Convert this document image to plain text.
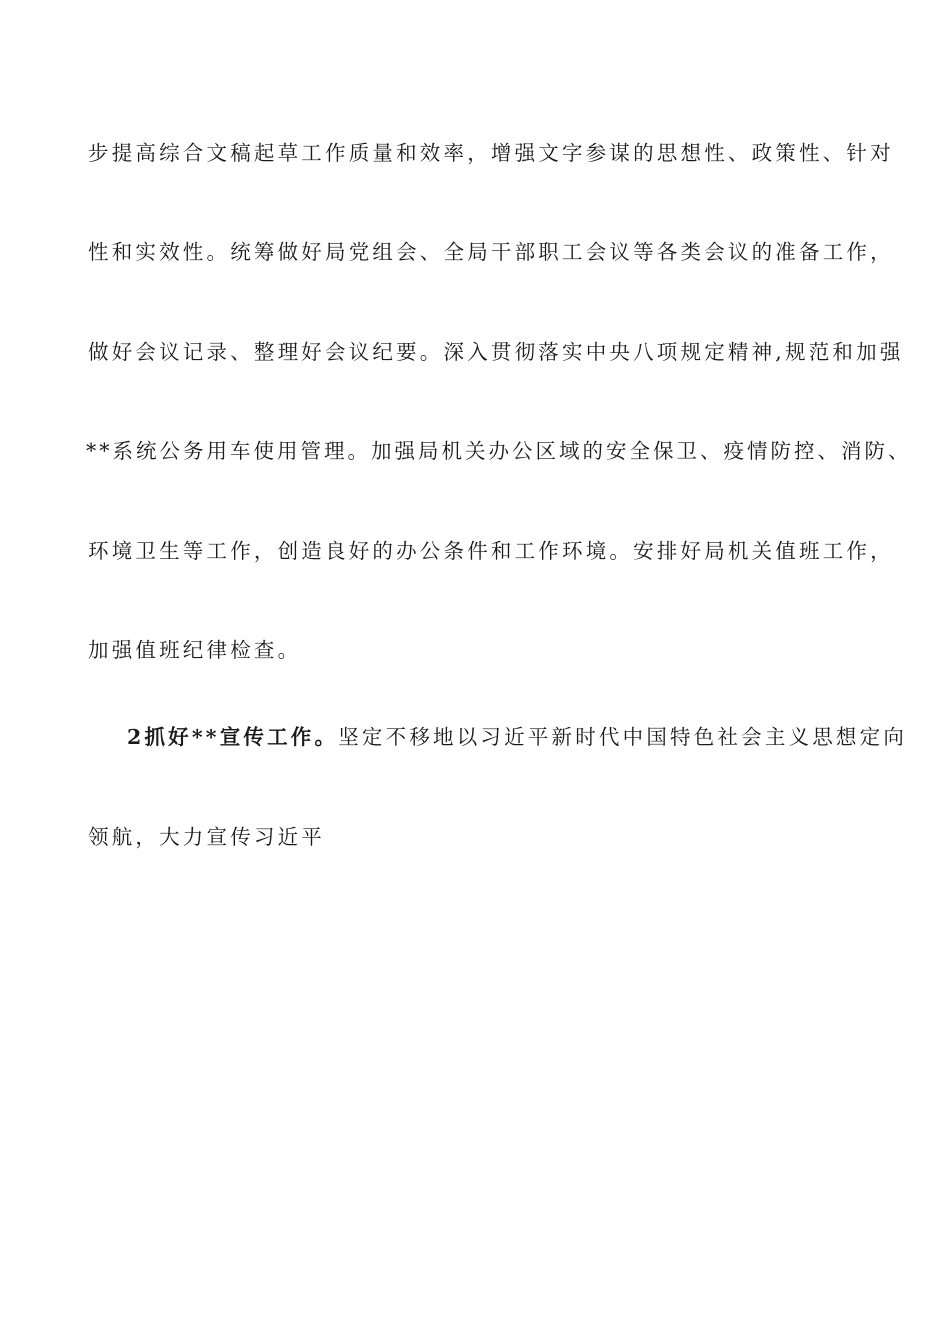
步提高综合文稿起草工作质量和效率，增强文字参谋的思想性、政策性、针对
性和实效性。统筹做好局党组会、全局干部职工会议等各类会议的准备工作，
做好会议记录、整理好会议纪要。深入贯彻落实中央八项规定精神,规范和加强
**系统公务用车使用管理。加强局机关办公区域的安全保卫、疫情防控、消防、
环境卫生等工作，创造良好的办公条件和工作环境。安排好局机关值班工作，
加强值班纪律检查。
2抓好**宣传工作。坚定不移地以习近平新时代中国特色社会主义思想定向
领航，大力宣传习近平
